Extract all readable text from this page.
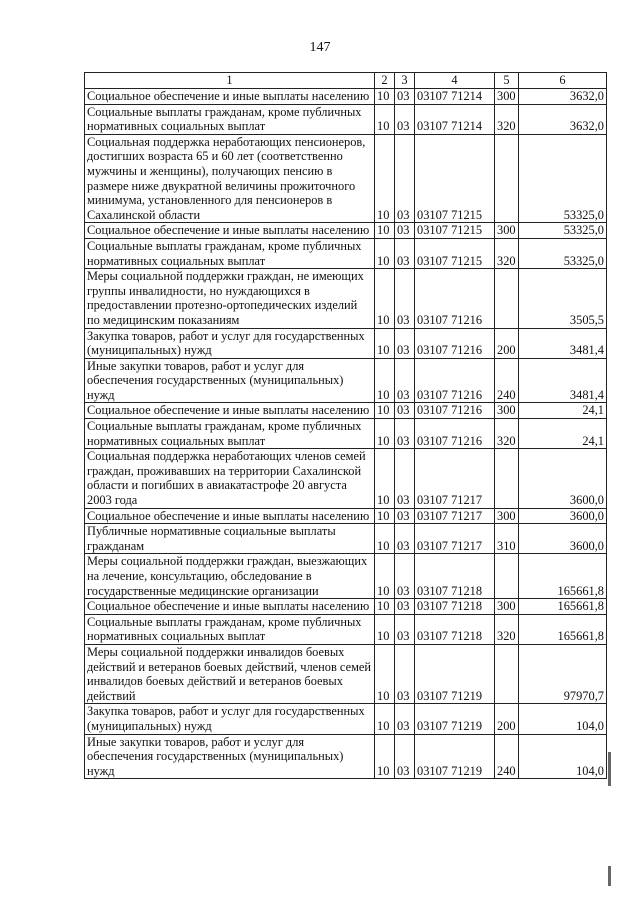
147
1	2	3	4	5	6
Социальное обеспечение и иные выплаты населению	10	03	03107 71214	300	3632,0
Социальные выплаты гражданам, кроме публичных нормативных социальных выплат	10	03	03107 71214	320	3632,0
Социальная поддержка неработающих пенсионеров, достигших возраста 65 и 60 лет (соответственно мужчины и женщины), получающих пенсию в размере ниже двукратной величины прожиточного минимума, установленного для пенсионеров в Сахалинской области	10	03	03107 71215		53325,0
Социальное обеспечение и иные выплаты населению	10	03	03107 71215	300	53325,0
Социальные выплаты гражданам, кроме публичных нормативных социальных выплат	10	03	03107 71215	320	53325,0
Меры социальной поддержки граждан, не имеющих группы инвалидности, но нуждающихся в предоставлении протезно-ортопедических изделий по медицинским показаниям	10	03	03107 71216		3505,5
Закупка товаров, работ и услуг для государственных (муниципальных) нужд	10	03	03107 71216	200	3481,4
Иные закупки товаров, работ и услуг для обеспечения государственных (муниципальных) нужд	10	03	03107 71216	240	3481,4
Социальное обеспечение и иные выплаты населению	10	03	03107 71216	300	24,1
Социальные выплаты гражданам, кроме публичных нормативных социальных выплат	10	03	03107 71216	320	24,1
Социальная поддержка неработающих членов семей граждан, проживавших на территории Сахалинской области и погибших в авиакатастрофе 20 августа 2003 года	10	03	03107 71217		3600,0
Социальное обеспечение и иные выплаты населению	10	03	03107 71217	300	3600,0
Публичные нормативные социальные выплаты гражданам	10	03	03107 71217	310	3600,0
Меры социальной поддержки граждан, выезжающих на лечение, консультацию, обследование в государственные медицинские организации	10	03	03107 71218		165661,8
Социальное обеспечение и иные выплаты населению	10	03	03107 71218	300	165661,8
Социальные выплаты гражданам, кроме публичных нормативных социальных выплат	10	03	03107 71218	320	165661,8
Меры социальной поддержки инвалидов боевых действий и ветеранов боевых действий, членов семей инвалидов боевых действий и ветеранов боевых действий	10	03	03107 71219		97970,7
Закупка товаров, работ и услуг для государственных (муниципальных) нужд	10	03	03107 71219	200	104,0
Иные закупки товаров, работ и услуг для обеспечения государственных (муниципальных) нужд	10	03	03107 71219	240	104,0
